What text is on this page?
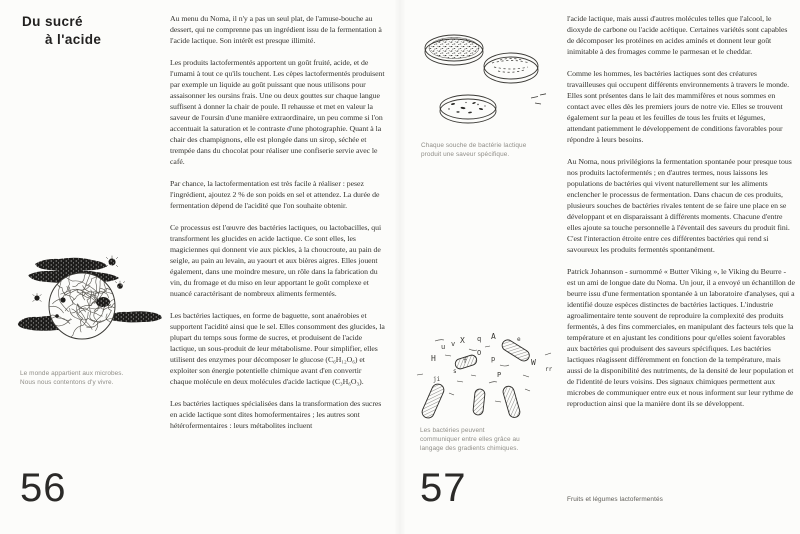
Du sucré
à l'acide

Au menu du Noma, il n'y a pas un seul plat, de l'amuse-bouche au dessert, qui ne comprenne pas un ingrédient issu de la fermentation à l'acide lactique. Son intérêt est presque illimité.

Les produits lactofermentés apportent un goût fruité, acide, et de l'umami à tout ce qu'ils touchent. Les cèpes lactofermentés produisent par exemple un liquide au goût puissant que nous utilisons pour assaisonner les oursins frais. Une ou deux gouttes sur chaque langue suffisent à donner la chair de poule. Il rehausse et met en valeur la saveur de l'oursin d'une manière extraordinaire, un peu comme si l'on accentuait la saturation et le contraste d'une photographie. Quant à la chair des champignons, elle est plongée dans un sirop, séchée et trempée dans du chocolat pour réaliser une confiserie servie avec le café.

Par chance, la lactofermentation est très facile à réaliser : pesez l'ingrédient, ajoutez 2 % de son poids en sel et attendez. La durée de fermentation dépend de l'acidité que l'on souhaite obtenir.

Ce processus est l'œuvre des bactéries lactiques, ou lactobacilles, qui transforment les glucides en acide lactique. Ce sont elles, les magiciennes qui donnent vie aux pickles, à la choucroute, au pain de seigle, au pain au levain, au yaourt et aux bières aigres. Elles jouent également, dans une moindre mesure, un rôle dans la fabrication du vin, du fromage et du miso en leur apportant le goût complexe et nuancé caractérisant de nombreux aliments fermentés.

Les bactéries lactiques, en forme de baguette, sont anaérobies et supportent l'acidité ainsi que le sel. Elles consomment des glucides, la plupart du temps sous forme de sucres, et produisent de l'acide lactique, un sous-produit de leur métabolisme. Pour simplifier, elles utilisent des enzymes pour décomposer le glucose (C₆H₁₂O₆) et exploiter son énergie potentielle chimique avant d'en convertir chaque molécule en deux molécules d'acide lactique (C₃H₆O₃).

Les bactéries lactiques spécialisées dans la transformation des sucres en acide lactique sont dites homofermentaires ; les autres sont hétérofermentaires : leurs métabolites incluent

Le monde appartient aux microbes.
Nous nous contentons d'y vivre.
56
Chaque souche de bactérie lactique
produit une saveur spécifique.

l'acide lactique, mais aussi d'autres molécules telles que l'alcool, le dioxyde de carbone ou l'acide acétique. Certaines variétés sont capables de décomposer les protéines en acides aminés et donnent leur goût inimitable à des fromages comme le parmesan et le cheddar.

Comme les hommes, les bactéries lactiques sont des créatures travailleuses qui occupent différents environnements à travers le monde. Elles sont présentes dans le lait des mammifères et nous sommes en contact avec elles dès les premiers jours de notre vie. Elles se trouvent également sur la peau et les feuilles de tous les fruits et légumes, attendant patiemment le développement de conditions favorables pour répondre à leurs besoins.

Au Noma, nous privilégions la fermentation spontanée pour presque tous nos produits lactofermentés ; en d'autres termes, nous laissons les populations de bactéries qui vivent naturellement sur les aliments enclencher le processus de fermentation. Dans chacun de ces produits, plusieurs souches de bactéries rivales tentent de se faire une place en se développant et en disparaissant à différents moments. Chacune d'entre elles ajoute sa touche personnelle à l'éventail des saveurs du produit fini. C'est l'interaction étroite entre ces différentes bactéries qui rend si savoureux les produits fermentés spontanément.

Patrick Johannson - surnommé « Butter Viking », le Viking du Beurre - est un ami de longue date du Noma. Un jour, il a envoyé un échantillon de beurre issu d'une fermentation spontanée à un laboratoire d'analyses, qui a identifié douze espèces distinctes de bactéries lactiques. L'industrie agroalimentaire tente souvent de reproduire la complexité des produits fermentés, à des fins commerciales, en manipulant des facteurs tels que la température et en ajustant les conditions pour qu'elles soient favorables aux bactéries qui produisent des saveurs spécifiques. Les bactéries lactiques réagissent différemment en fonction de la température, mais aussi de la disponibilité des nutriments, de la densité de leur population et de l'identité de leurs voisins. Des signaux chimiques permettent aux microbes de communiquer entre eux et nous informent sur leur rythme de reproduction ainsi que la manière dont ils se développent.

u v X q A
H
O
p
f	W
rr
ji
P
e
s
Les bactéries peuvent
communiquer entre elles grâce au
langage des gradients chimiques.
57	Fruits et légumes lactofermentés
